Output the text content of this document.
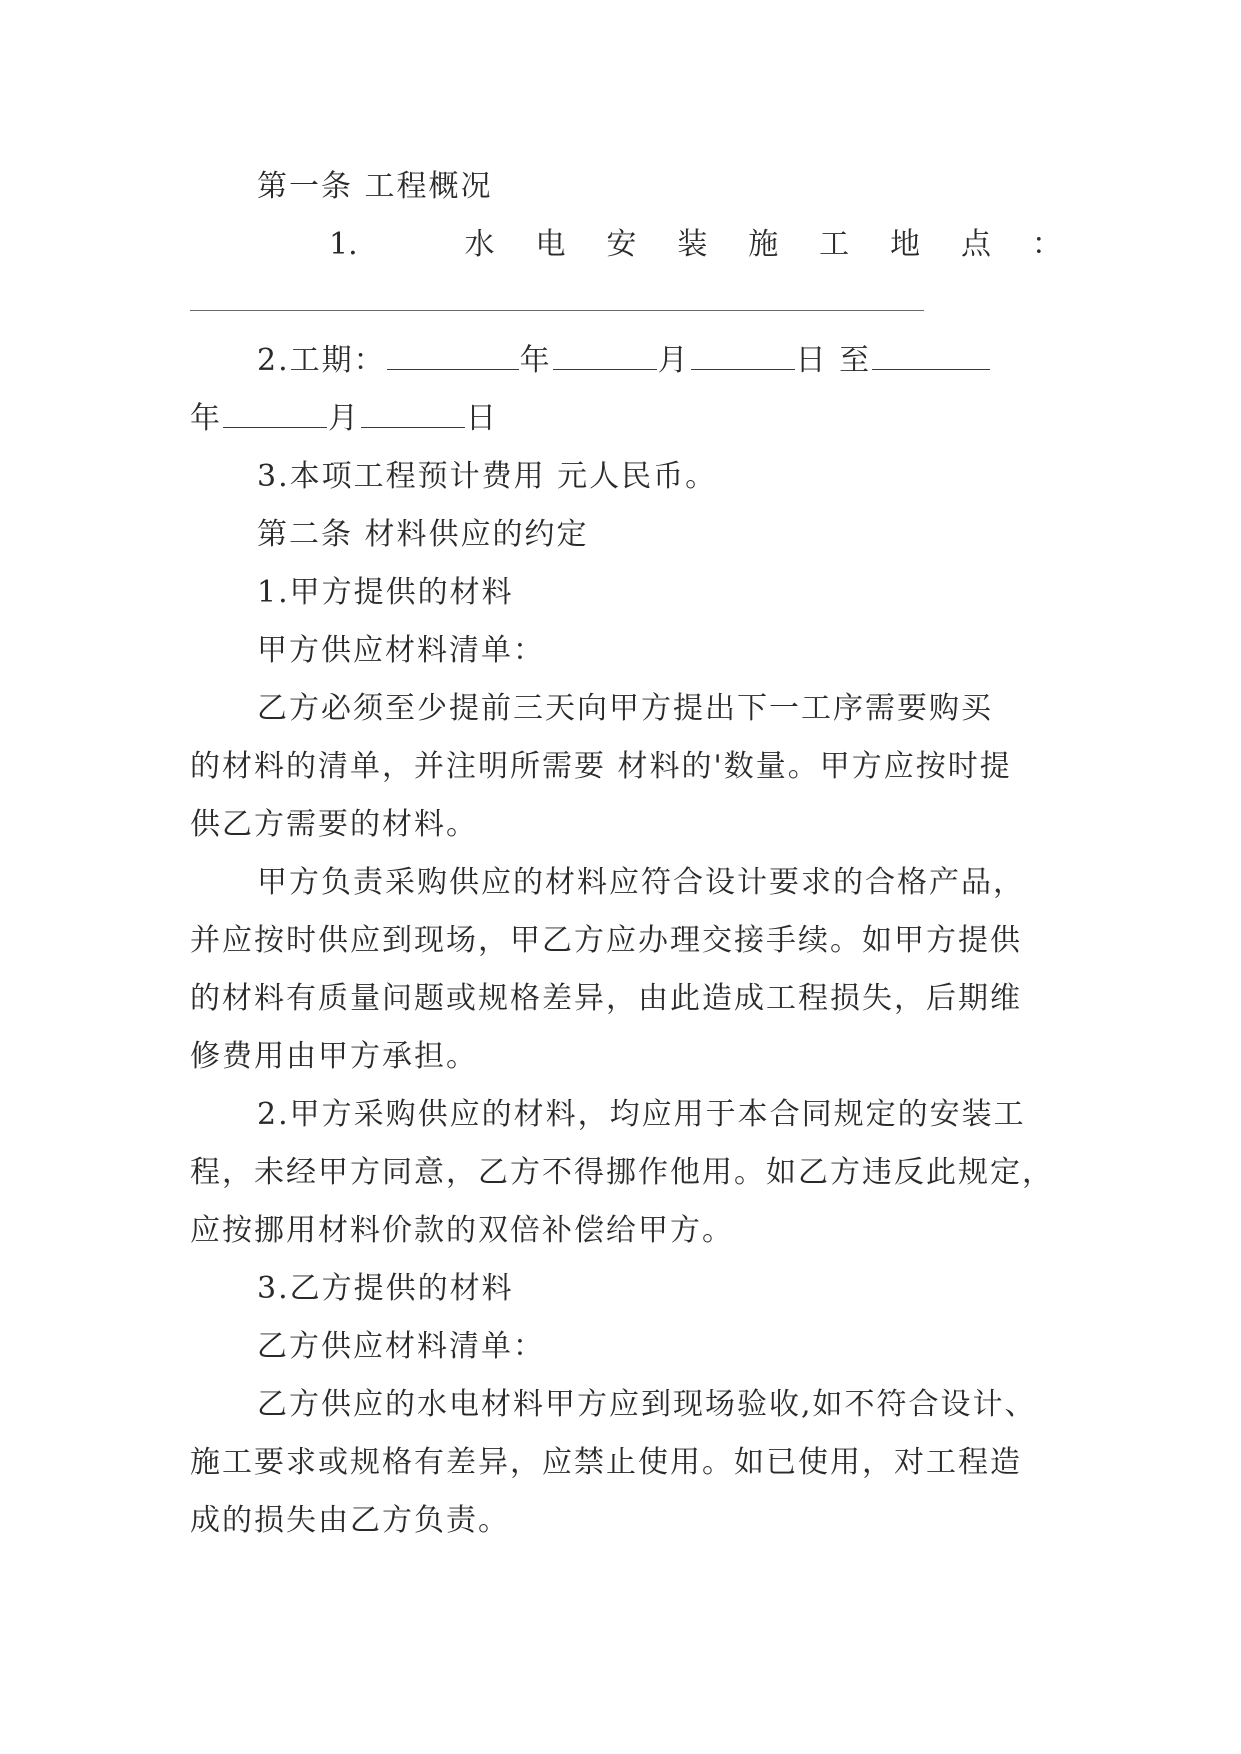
第一条 工程概况
1.	水 电 安 装 施 工 地 点 ：
2.工期：	年	月	日 至
年	月	日
3.本项工程预计费用 元人民币。
第二条 材料供应的约定
1.甲方提供的材料
甲方供应材料清单：
乙方必须至少提前三天向甲方提出下一工序需要购买
的材料的清单，并注明所需要 材料的'数量。甲方应按时提
供乙方需要的材料。
甲方负责采购供应的材料应符合设计要求的合格产品，
并应按时供应到现场，甲乙方应办理交接手续。如甲方提供
的材料有质量问题或规格差异，由此造成工程损失，后期维
修费用由甲方承担。
2.甲方采购供应的材料，均应用于本合同规定的安装工
程，未经甲方同意，乙方不得挪作他用。如乙方违反此规定，
应按挪用材料价款的双倍补偿给甲方。
3.乙方提供的材料
乙方供应材料清单：
乙方供应的水电材料甲方应到现场验收,如不符合设计、
施工要求或规格有差异，应禁止使用。如已使用，对工程造
成的损失由乙方负责。
